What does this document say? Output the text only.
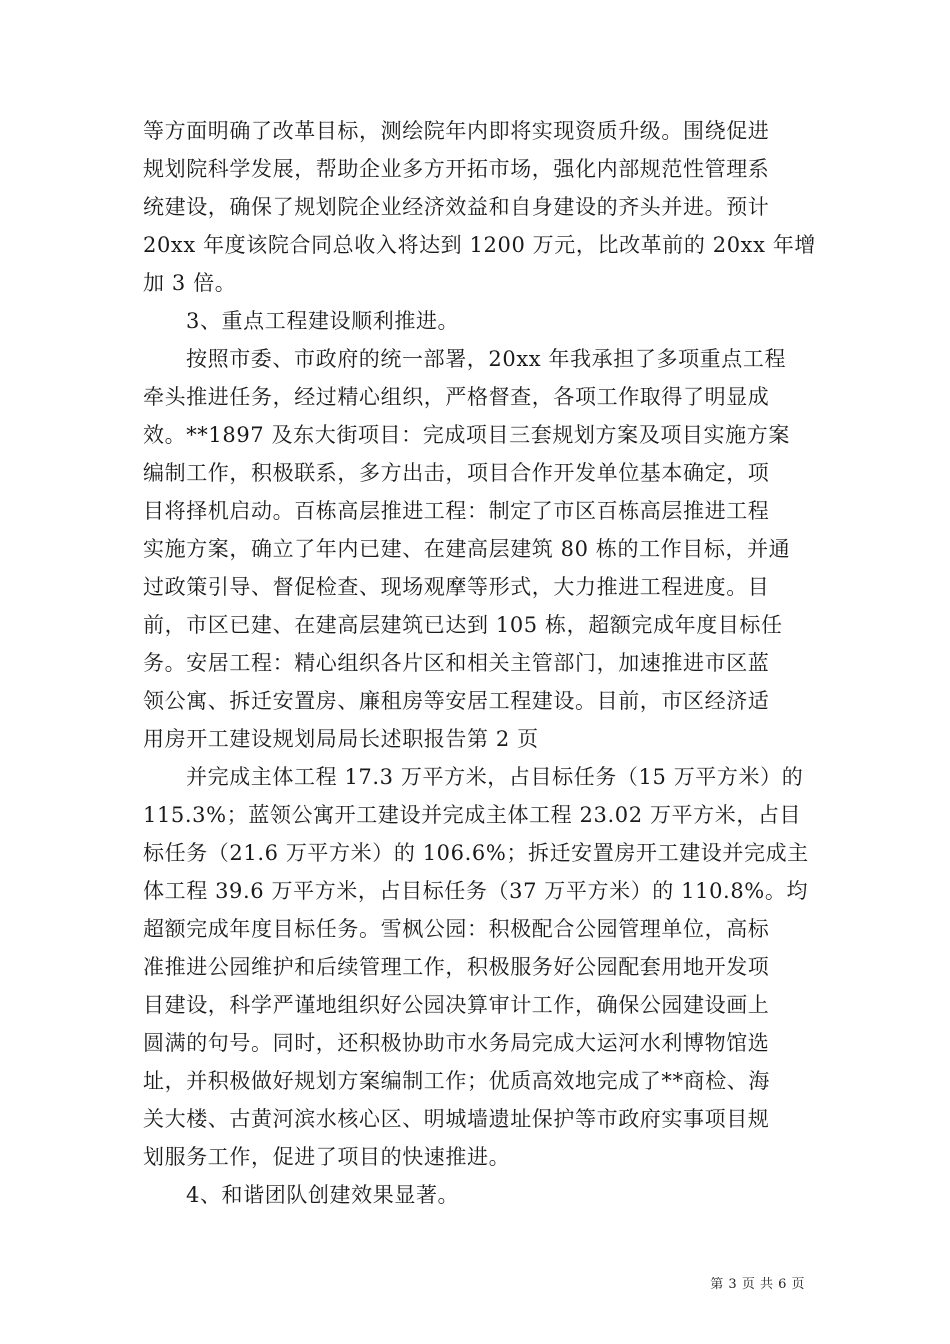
等方面明确了改革目标，测绘院年内即将实现资质升级。围绕促进
规划院科学发展，帮助企业多方开拓市场，强化内部规范性管理系
统建设，确保了规划院企业经济效益和自身建设的齐头并进。预计
20xx 年度该院合同总收入将达到 1200 万元，比改革前的 20xx 年增
加 3 倍。
3、重点工程建设顺利推进。
按照市委、市政府的统一部署，20xx 年我承担了多项重点工程
牵头推进任务，经过精心组织，严格督查，各项工作取得了明显成
效。**1897 及东大街项目：完成项目三套规划方案及项目实施方案
编制工作，积极联系，多方出击，项目合作开发单位基本确定，项
目将择机启动。百栋高层推进工程：制定了市区百栋高层推进工程
实施方案，确立了年内已建、在建高层建筑 80 栋的工作目标，并通
过政策引导、督促检查、现场观摩等形式，大力推进工程进度。目
前，市区已建、在建高层建筑已达到 105 栋，超额完成年度目标任
务。安居工程：精心组织各片区和相关主管部门，加速推进市区蓝
领公寓、拆迁安置房、廉租房等安居工程建设。目前，市区经济适
用房开工建设规划局局长述职报告第 2 页
并完成主体工程 17.3 万平方米，占目标任务（15 万平方米）的
115.3%；蓝领公寓开工建设并完成主体工程 23.02 万平方米，占目
标任务（21.6 万平方米）的 106.6%；拆迁安置房开工建设并完成主
体工程 39.6 万平方米，占目标任务（37 万平方米）的 110.8%。均
超额完成年度目标任务。雪枫公园：积极配合公园管理单位，高标
准推进公园维护和后续管理工作，积极服务好公园配套用地开发项
目建设，科学严谨地组织好公园决算审计工作，确保公园建设画上
圆满的句号。同时，还积极协助市水务局完成大运河水利博物馆选
址，并积极做好规划方案编制工作；优质高效地完成了**商检、海
关大楼、古黄河滨水核心区、明城墙遗址保护等市政府实事项目规
划服务工作，促进了项目的快速推进。
4、和谐团队创建效果显著。
第 3 页 共 6 页
